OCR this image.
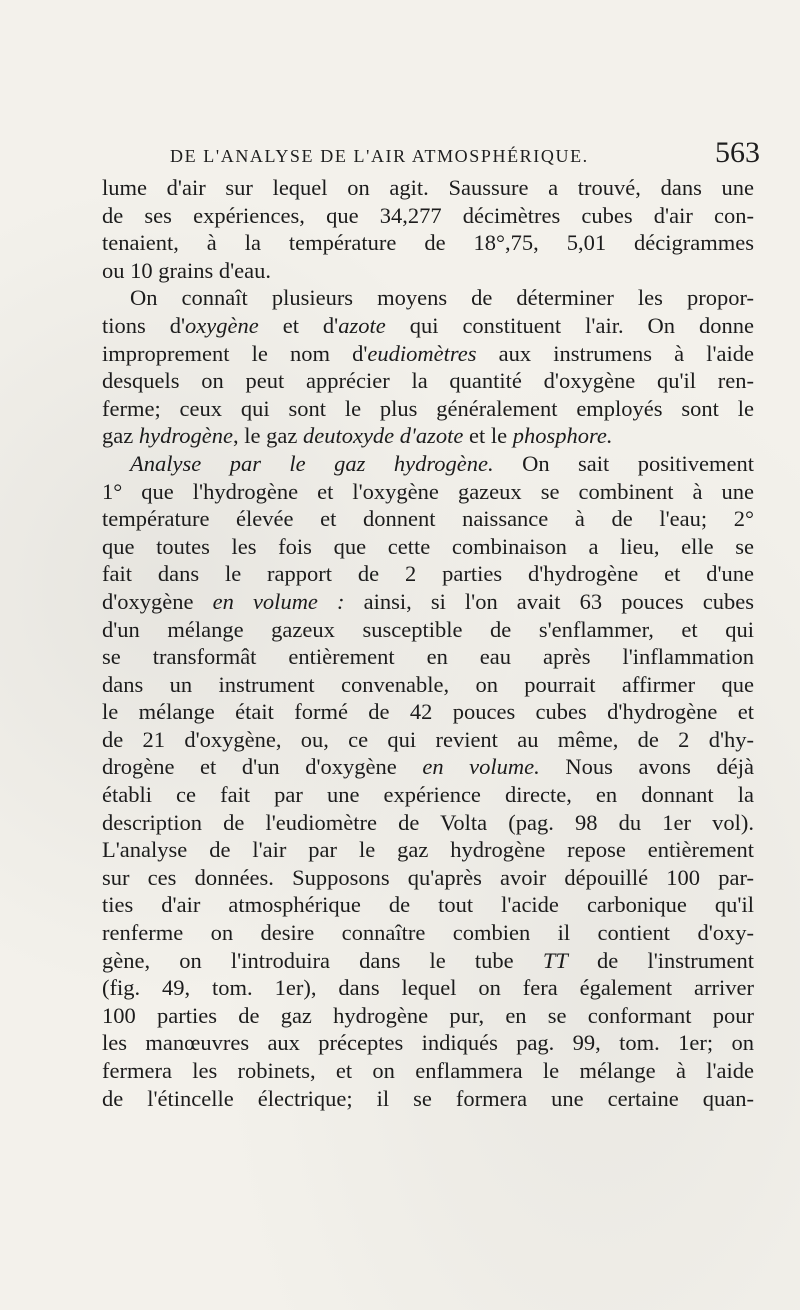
DE L'ANALYSE DE L'AIR ATMOSPHÉRIQUE.	563
lume d'air sur lequel on agit. Saussure a trouvé, dans une
de ses expériences, que 34,277 décimètres cubes d'air con-
tenaient, à la température de 18°,75, 5,01 décigrammes
ou 10 grains d'eau.
On connaît plusieurs moyens de déterminer les propor-
tions d'oxygène et d'azote qui constituent l'air. On donne
improprement le nom d'eudiomètres aux instrumens à l'aide
desquels on peut apprécier la quantité d'oxygène qu'il ren-
ferme; ceux qui sont le plus généralement employés sont le
gaz hydrogène, le gaz deutoxyde d'azote et le phosphore.
Analyse par le gaz hydrogène. On sait positivement
1° que l'hydrogène et l'oxygène gazeux se combinent à une
température élevée et donnent naissance à de l'eau; 2°
que toutes les fois que cette combinaison a lieu, elle se
fait dans le rapport de 2 parties d'hydrogène et d'une
d'oxygène en volume : ainsi, si l'on avait 63 pouces cubes
d'un mélange gazeux susceptible de s'enflammer, et qui
se transformât entièrement en eau après l'inflammation
dans un instrument convenable, on pourrait affirmer que
le mélange était formé de 42 pouces cubes d'hydrogène et
de 21 d'oxygène, ou, ce qui revient au même, de 2 d'hy-
drogène et d'un d'oxygène en volume. Nous avons déjà
établi ce fait par une expérience directe, en donnant la
description de l'eudiomètre de Volta (pag. 98 du 1er vol).
L'analyse de l'air par le gaz hydrogène repose entièrement
sur ces données. Supposons qu'après avoir dépouillé 100 par-
ties d'air atmosphérique de tout l'acide carbonique qu'il
renferme on desire connaître combien il contient d'oxy-
gène, on l'introduira dans le tube TT de l'instrument
(fig. 49, tom. 1er), dans lequel on fera également arriver
100 parties de gaz hydrogène pur, en se conformant pour
les manœuvres aux préceptes indiqués pag. 99, tom. 1er; on
fermera les robinets, et on enflammera le mélange à l'aide
de l'étincelle électrique; il se formera une certaine quan-
